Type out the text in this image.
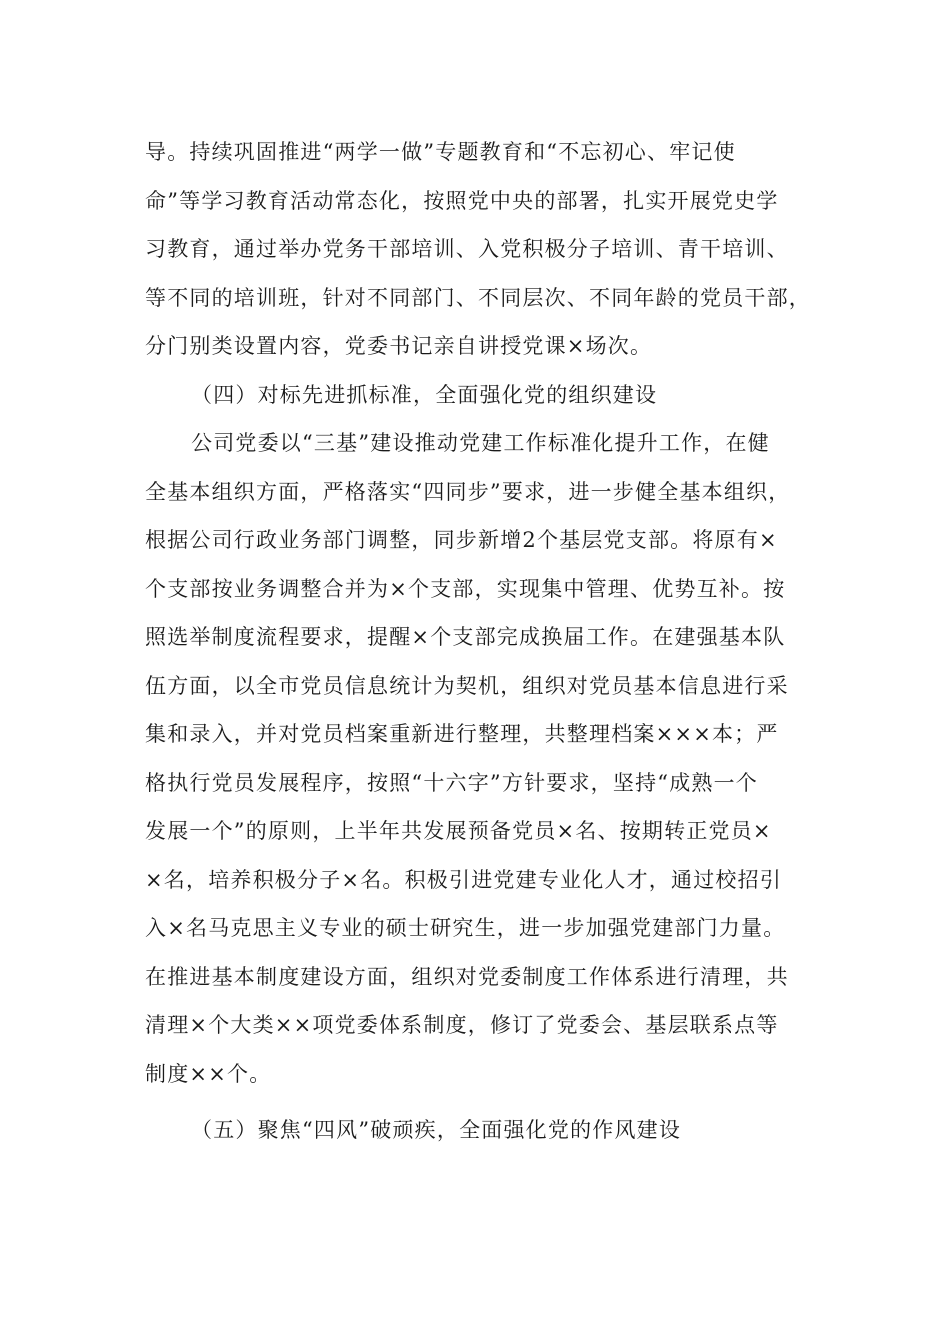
导。持续巩固推进“两学一做”专题教育和“不忘初心、牢记使
命”等学习教育活动常态化，按照党中央的部署，扎实开展党史学
习教育，通过举办党务干部培训、入党积极分子培训、青干培训、
等不同的培训班，针对不同部门、不同层次、不同年龄的党员干部，
分门别类设置内容，党委书记亲自讲授党课×场次。
（四）对标先进抓标准，全面强化党的组织建设
公司党委以“三基”建设推动党建工作标准化提升工作，在健
全基本组织方面，严格落实“四同步”要求，进一步健全基本组织，
根据公司行政业务部门调整，同步新增2个基层党支部。将原有×
个支部按业务调整合并为×个支部，实现集中管理、优势互补。按
照选举制度流程要求，提醒×个支部完成换届工作。在建强基本队
伍方面，以全市党员信息统计为契机，组织对党员基本信息进行采
集和录入，并对党员档案重新进行整理，共整理档案×××本；严
格执行党员发展程序，按照“十六字”方针要求，坚持“成熟一个
发展一个”的原则，上半年共发展预备党员×名、按期转正党员×
×名，培养积极分子×名。积极引进党建专业化人才，通过校招引
入×名马克思主义专业的硕士研究生，进一步加强党建部门力量。
在推进基本制度建设方面，组织对党委制度工作体系进行清理，共
清理×个大类××项党委体系制度，修订了党委会、基层联系点等
制度××个。
（五）聚焦“四风”破顽疾，全面强化党的作风建设
